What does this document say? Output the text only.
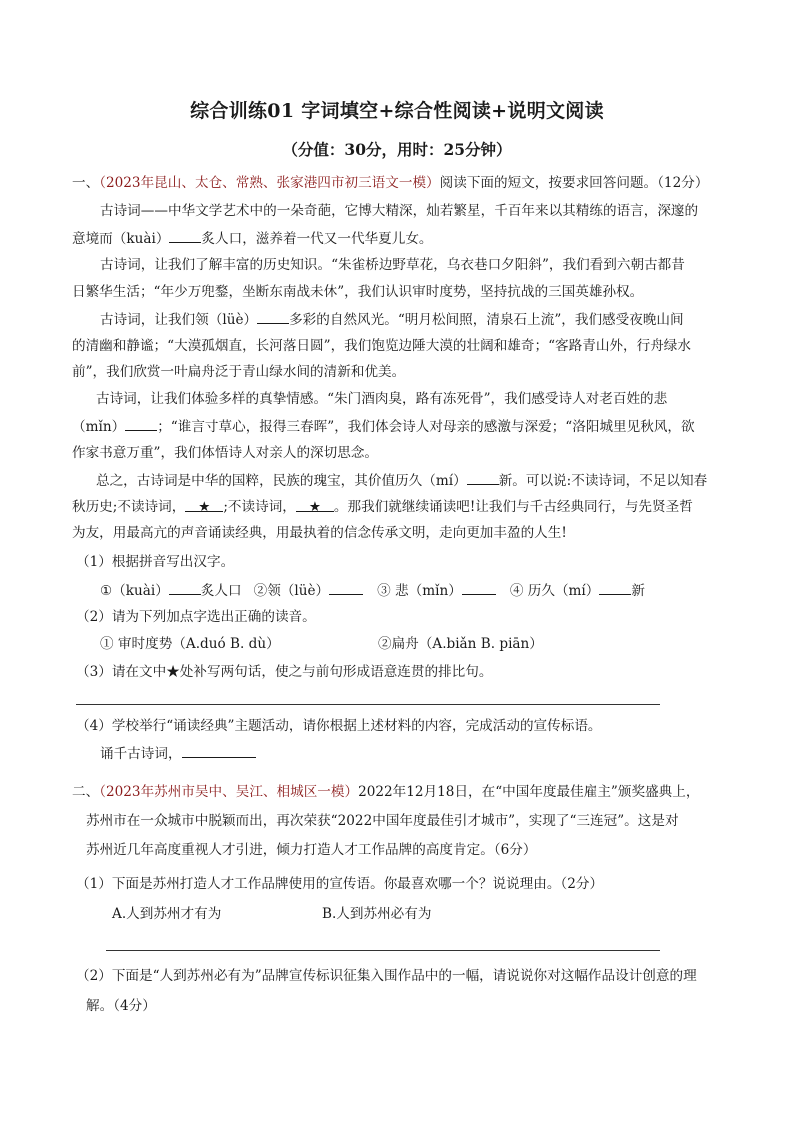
综合训练01 字词填空+综合性阅读+说明文阅读
（分值：30分，用时：25分钟）
一、（2023年昆山、太仓、常熟、张家港四市初三语文一模）阅读下面的短文，按要求回答问题。（12分）
古诗词——中华文学艺术中的一朵奇葩，它博大精深，灿若繁星，千百年来以其精练的语言，深邃的
意境而（kuài） 炙人口，滋养着一代又一代华夏儿女。
古诗词，让我们了解丰富的历史知识。“朱雀桥边野草花，乌衣巷口夕阳斜”，我们看到六朝古都昔
日繁华生活；“年少万兜鍪，坐断东南战未休”，我们认识审时度势，坚持抗战的三国英雄孙权。
古诗词，让我们领（lüè） 多彩的自然风光。“明月松间照，清泉石上流”，我们感受夜晚山间
的清幽和静谧；“大漠孤烟直，长河落日圆”，我们饱览边陲大漠的壮阔和雄奇；“客路青山外，行舟绿水
前”，我们欣赏一叶扁舟泛于青山绿水间的清新和优美。
古诗词，让我们体验多样的真挚情感。“朱门酒肉臭，路有冻死骨”，我们感受诗人对老百姓的悲
（mǐn） ；“谁言寸草心，报得三春晖”，我们体会诗人对母亲的感激与深爱；“洛阳城里见秋风，欲
作家书意万重”，我们体悟诗人对亲人的深切思念。
总之，古诗词是中华的国粹，民族的瑰宝，其价值历久（mí） 新。可以说:不读诗词，不足以知春
秋历史;不读诗词， ★ ;不读诗词， ★ 。那我们就继续诵读吧!让我们与千古经典同行，与先贤圣哲
为友，用最高亢的声音诵读经典，用最执着的信念传承文明，走向更加丰盈的人生!
（1）根据拼音写出汉字。
①（kuài） 炙人口 ②领（lüè）	③ 悲（mǐn）	④ 历久（mí） 新
（2）请为下列加点字选出正确的读音。
① 审时度势（A.duó B. dù）	②扁舟（A.biǎn B. piān）
（3）请在文中★处补写两句话，使之与前句形成语意连贯的排比句。
（4）学校举行“诵读经典”主题活动，请你根据上述材料的内容，完成活动的宣传标语。
诵千古诗词，
二、（2023年苏州市吴中、吴江、相城区一模）2022年12月18日，在“中国年度最佳雇主”颁奖盛典上，
苏州市在一众城市中脱颖而出，再次荣获“2022中国年度最佳引才城市”，实现了“三连冠”。这是对
苏州近几年高度重视人才引进，倾力打造人才工作品牌的高度肯定。（6分）
（1）下面是苏州打造人才工作品牌使用的宣传语。你最喜欢哪一个？说说理由。（2分）
A.人到苏州才有为	B.人到苏州必有为
（2）下面是“人到苏州必有为”品牌宣传标识征集入围作品中的一幅，请说说你对这幅作品设计创意的理
解。（4分）
